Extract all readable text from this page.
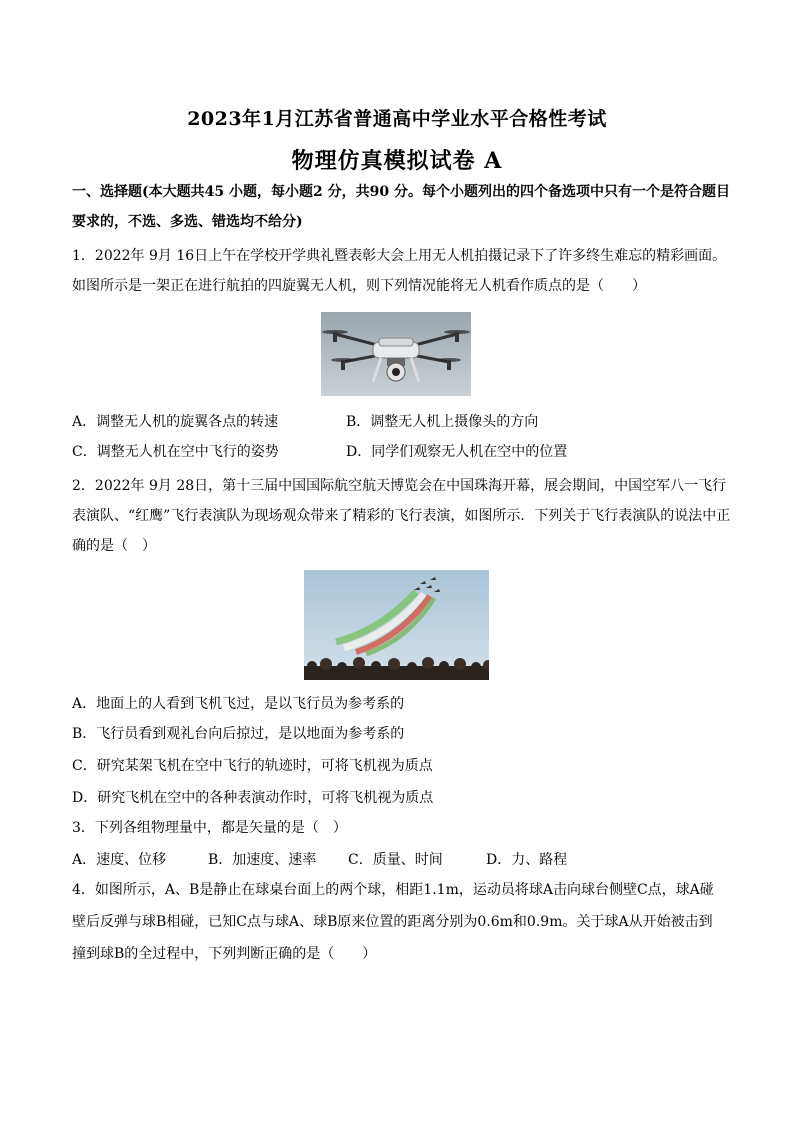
2023年1月江苏省普通高中学业水平合格性考试
物理仿真模拟试卷 A
一、选择题(本大题共45 小题，每小题2 分，共90 分。每个小题列出的四个备选项中只有一个是符合题目
要求的，不选、多选、错选均不给分)
1．2022年 9月 16日上午在学校开学典礼暨表彰大会上用无人机拍摄记录下了许多终生难忘的精彩画面。
如图所示是一架正在进行航拍的四旋翼无人机，则下列情况能将无人机看作质点的是（　　）
A．调整无人机的旋翼各点的转速	B．调整无人机上摄像头的方向
C．调整无人机在空中飞行的姿势	D．同学们观察无人机在空中的位置
2．2022年 9月 28日，第十三届中国国际航空航天博览会在中国珠海开幕，展会期间，中国空军八一飞行
表演队、“红鹰”飞行表演队为现场观众带来了精彩的飞行表演，如图所示．下列关于飞行表演队的说法中正
确的是（　）
A．地面上的人看到飞机飞过，是以飞行员为参考系的
B．飞行员看到观礼台向后掠过，是以地面为参考系的
C．研究某架飞机在空中飞行的轨迹时，可将飞机视为质点
D．研究飞机在空中的各种表演动作时，可将飞机视为质点
3．下列各组物理量中，都是矢量的是（　）
A．速度、位移	B．加速度、速率 C．质量、时间	D．力、路程
4．如图所示，A、B是静止在球桌台面上的两个球，相距1.1m，运动员将球A击向球台侧壁C点，球A碰
壁后反弹与球B相碰，已知C点与球A、球B原来位置的距离分别为0.6m和0.9m。关于球A从开始被击到
撞到球B的全过程中，下列判断正确的是（　　）
